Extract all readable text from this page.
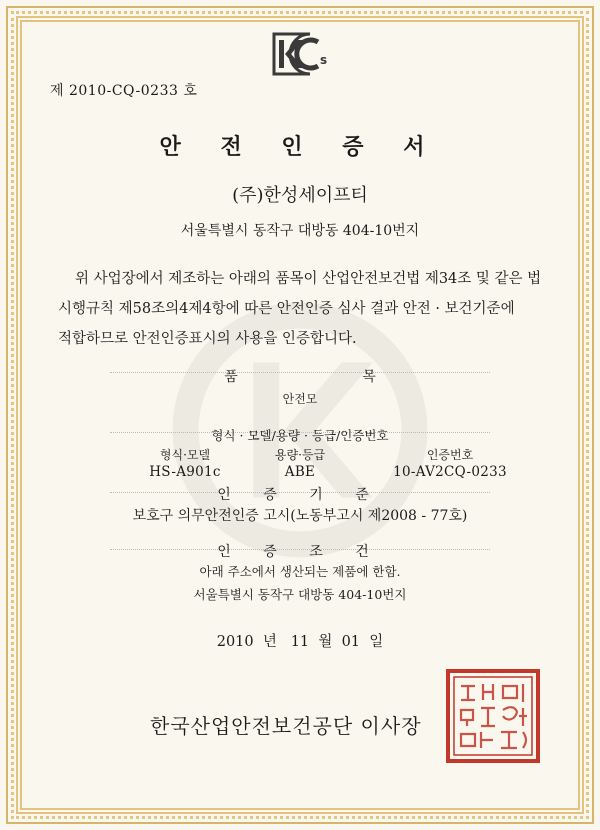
s
제 2010-CQ-0233 호
안 전 인 증 서
(주)한성세이프티
서울특별시 동작구 대방동 404-10번지
위 사업장에서 제조하는 아래의 품목이 산업안전보건법 제34조 및 같은 법
시행규칙 제58조의4제4항에 따른 안전인증 심사 결과 안전 · 보건기준에
적합하므로 안전인증표시의 사용을 인증합니다.
품 목
안전모
형식 · 모델/용량 · 등급/인증번호
형식·모델	용량·등급	인증번호
HS-A901c	ABE	10-AV2CQ-0233
인 증 기 준
보호구 의무안전인증 고시(노동부고시 제2008 - 77호)
인 증 조 건
아래 주소에서 생산되는 제품에 한함.
서울특별시 동작구 대방동 404-10번지
2010  년   11  월  01  일
한국산업안전보건공단 이사장
